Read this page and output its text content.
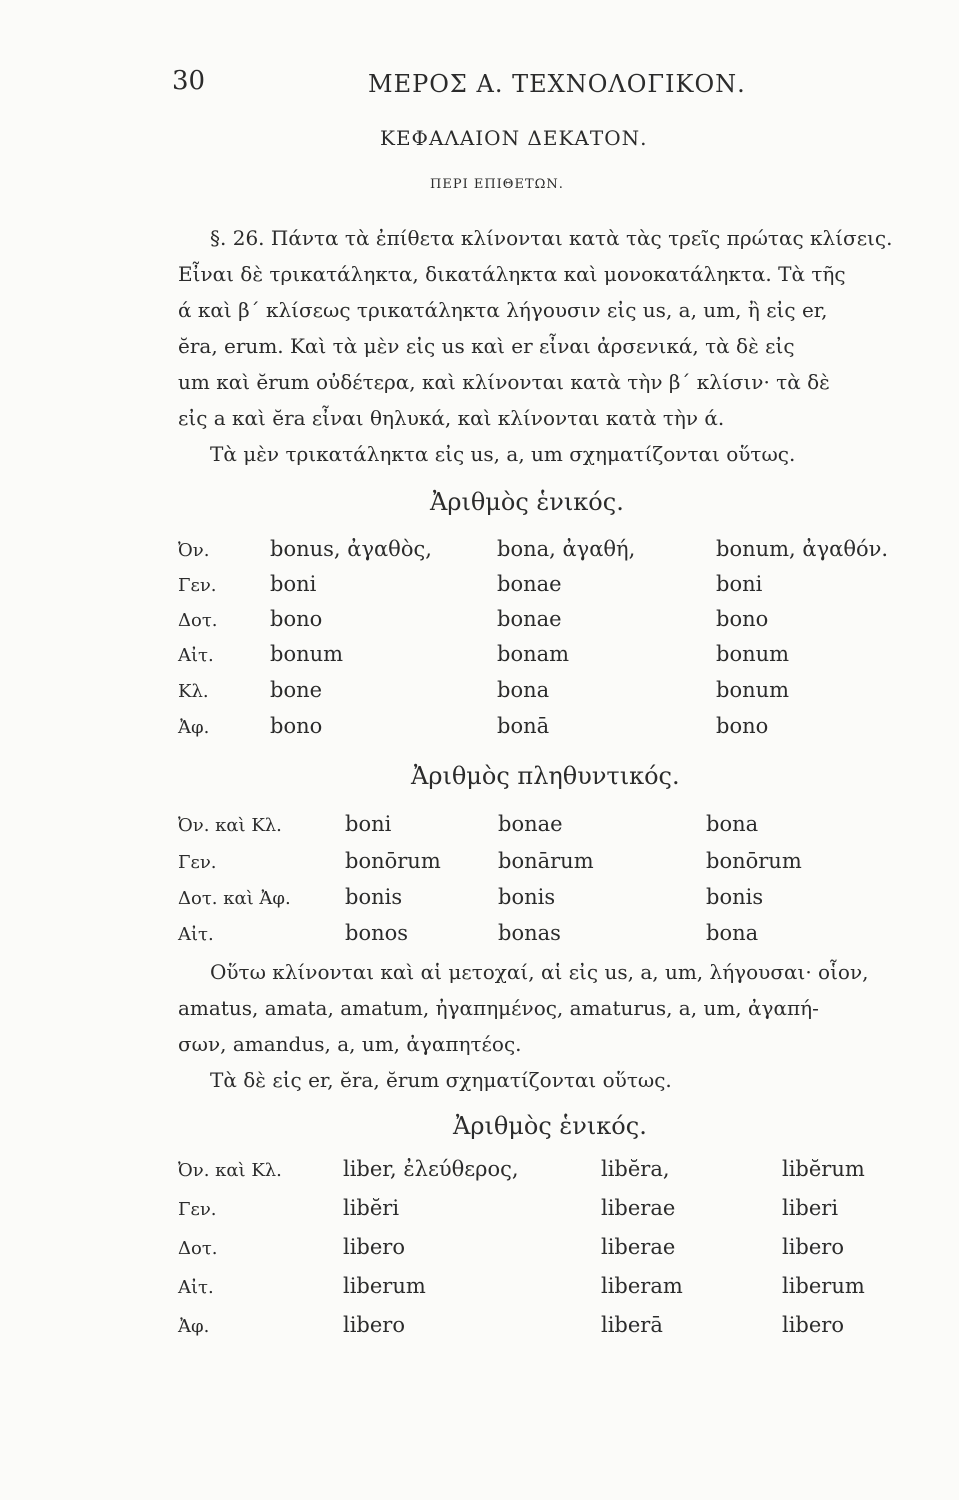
30	ΜΕΡΟΣ Α. ΤΕΧΝΟΛΟΓΙΚΟΝ.
ΚΕΦΑΛΑΙΟΝ ΔΕΚΑΤΟΝ.
ΠΕΡΙ ΕΠΙΘΕΤΩΝ.
§. 26. Πάντα τὰ ἐπίθετα κλίνονται κατὰ τὰς τρεῖς πρώτας κλίσεις.
Εἶναι δὲ τρικατάληκτα, δικατάληκτα καὶ μονοκατάληκτα. Τὰ τῆς
ά καὶ β΄ κλίσεως τρικατάληκτα λήγουσιν εἰς us, a, um, ἢ εἰς er,
ĕra, erum. Καὶ τὰ μὲν εἰς us καὶ er εἶναι ἀρσενικά, τὰ δὲ εἰς
um καὶ ĕrum οὐδέτερα, καὶ κλίνονται κατὰ τὴν β΄ κλίσιν· τὰ δὲ
εἰς a καὶ ĕra εἶναι θηλυκά, καὶ κλίνονται κατὰ τὴν ά.
Τὰ μὲν τρικατάληκτα εἰς us, a, um σχηματίζονται οὕτως.
Ἀριθμὸς ἑνικός.
Ὀν.	bonus, ἀγαθὸς,	bona, ἀγαθή,	bonum, ἀγαθόν.
Γεν.	boni	bonae	boni
Δοτ. bono	bonae	bono
Αἰτ.	bonum	bonam	bonum
Κλ.	bone	bona	bonum
Ἀφ.	bono	bonā	bono
Ἀριθμὸς πληθυντικός.
Ὀν. καὶ Κλ.	boni	bonae	bona
Γεν.	bonōrum	bonārum	bonōrum
Δοτ. καὶ Ἀφ.	bonis	bonis	bonis
Αἰτ.	bonos	bonas	bona
Οὕτω κλίνονται καὶ αἱ μετοχαί, αἱ εἰς us, a, um, λήγουσαι· οἷον,
amatus, amata, amatum, ἠγαπημένος, amaturus, a, um, ἀγαπή-
σων, amandus, a, um, ἀγαπητέος.
Τὰ δὲ εἰς er, ĕra, ĕrum σχηματίζονται οὕτως.
Ἀριθμὸς ἑνικός.
Ὀν. καὶ Κλ.	liber, ἐλεύθερος,	libĕra,	libĕrum
Γεν.	libĕri	liberae	liberi
Δοτ.	libero	liberae	libero
Αἰτ.	liberum	liberam	liberum
Ἀφ.	libero	liberā	libero
